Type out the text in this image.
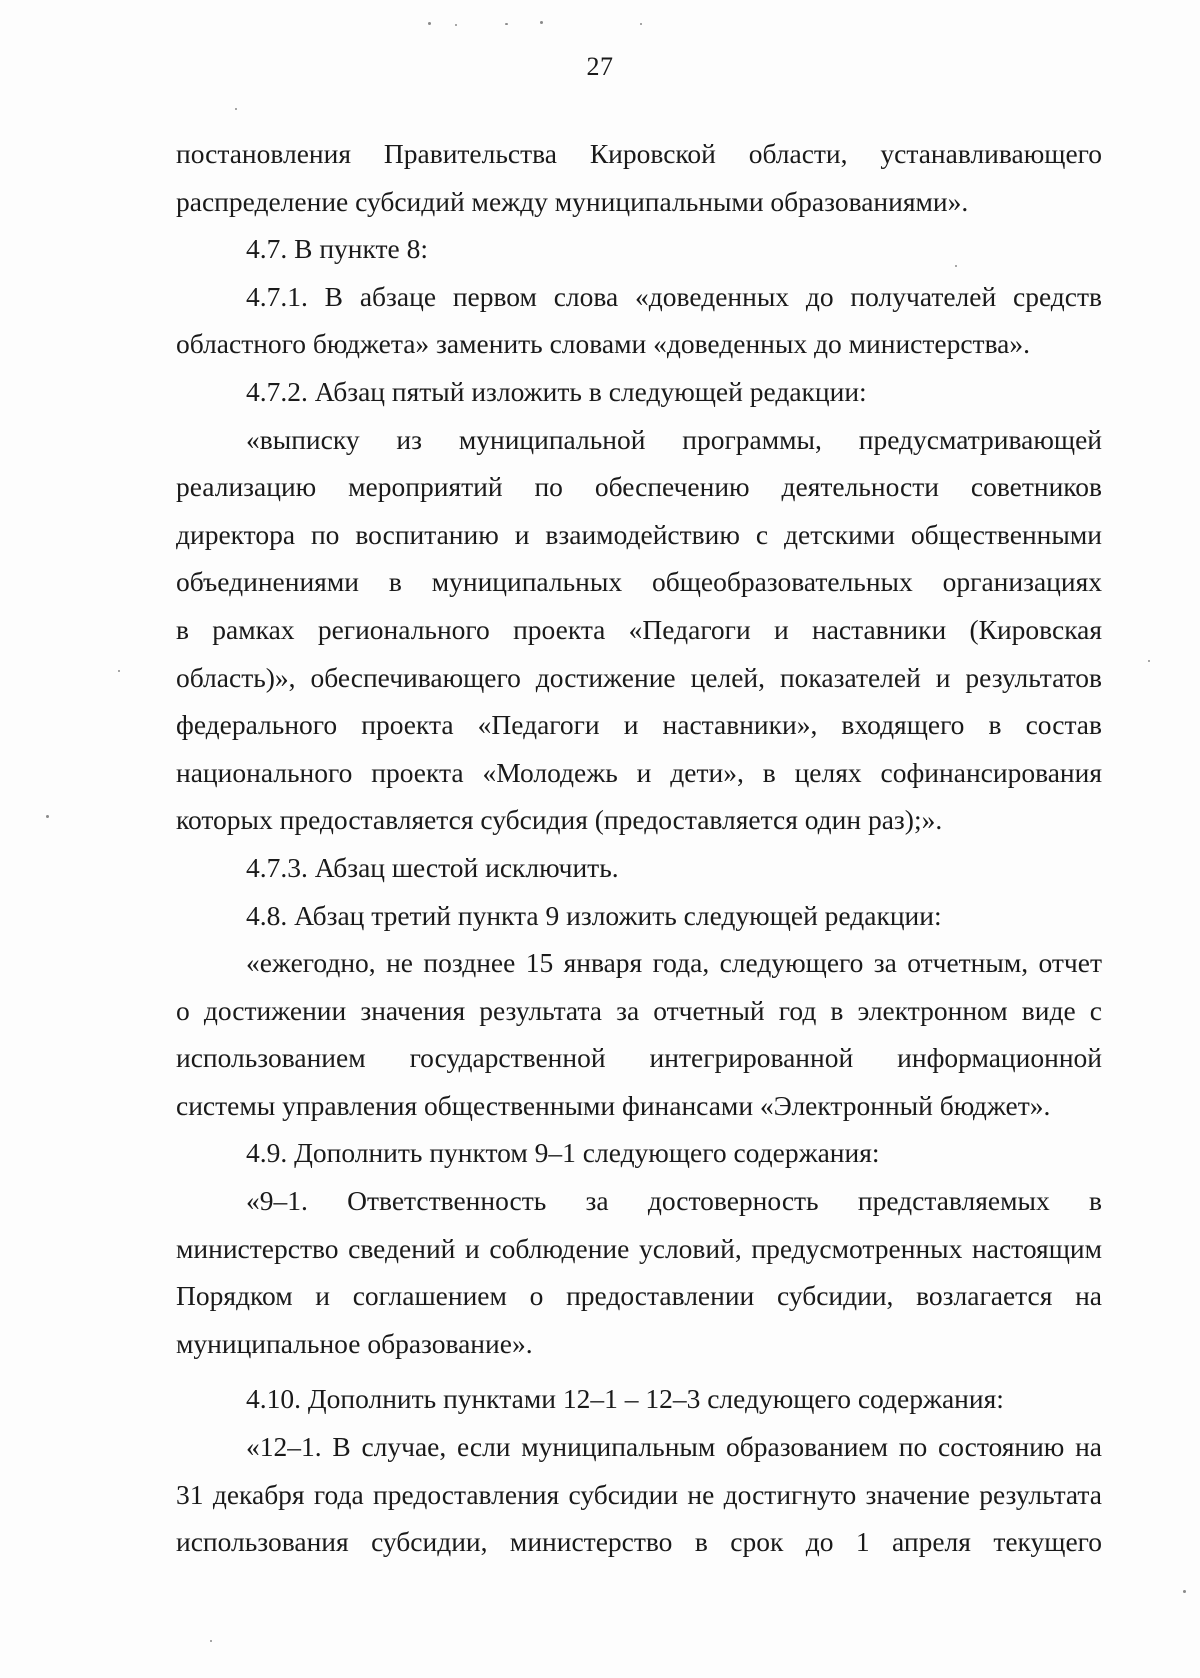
27
постановления Правительства Кировской области, устанавливающего
распределение субсидий между муниципальными образованиями».
4.7. В пункте 8:
4.7.1. В абзаце первом слова «доведенных до получателей средств
областного бюджета» заменить словами «доведенных до министерства».
4.7.2. Абзац пятый изложить в следующей редакции:
«выписку из муниципальной программы, предусматривающей
реализацию мероприятий по обеспечению деятельности советников
директора по воспитанию и взаимодействию с детскими общественными
объединениями в муниципальных общеобразовательных организациях
в рамках регионального проекта «Педагоги и наставники (Кировская
область)», обеспечивающего достижение целей, показателей и результатов
федерального проекта «Педагоги и наставники», входящего в состав
национального проекта «Молодежь и дети», в целях софинансирования
которых предоставляется субсидия (предоставляется один раз);».
4.7.3. Абзац шестой исключить.
4.8. Абзац третий пункта 9 изложить следующей редакции:
«ежегодно, не позднее 15 января года, следующего за отчетным, отчет
о достижении значения результата за отчетный год в электронном виде с
использованием государственной интегрированной информационной
системы управления общественными финансами «Электронный бюджет».
4.9. Дополнить пунктом 9–1 следующего содержания:
«9–1. Ответственность за достоверность представляемых в
министерство сведений и соблюдение условий, предусмотренных настоящим
Порядком и соглашением о предоставлении субсидии, возлагается на
муниципальное образование».
4.10. Дополнить пунктами 12–1 – 12–3 следующего содержания:
«12–1. В случае, если муниципальным образованием по состоянию на
31 декабря года предоставления субсидии не достигнуто значение результата
использования субсидии, министерство в срок до 1 апреля текущего
